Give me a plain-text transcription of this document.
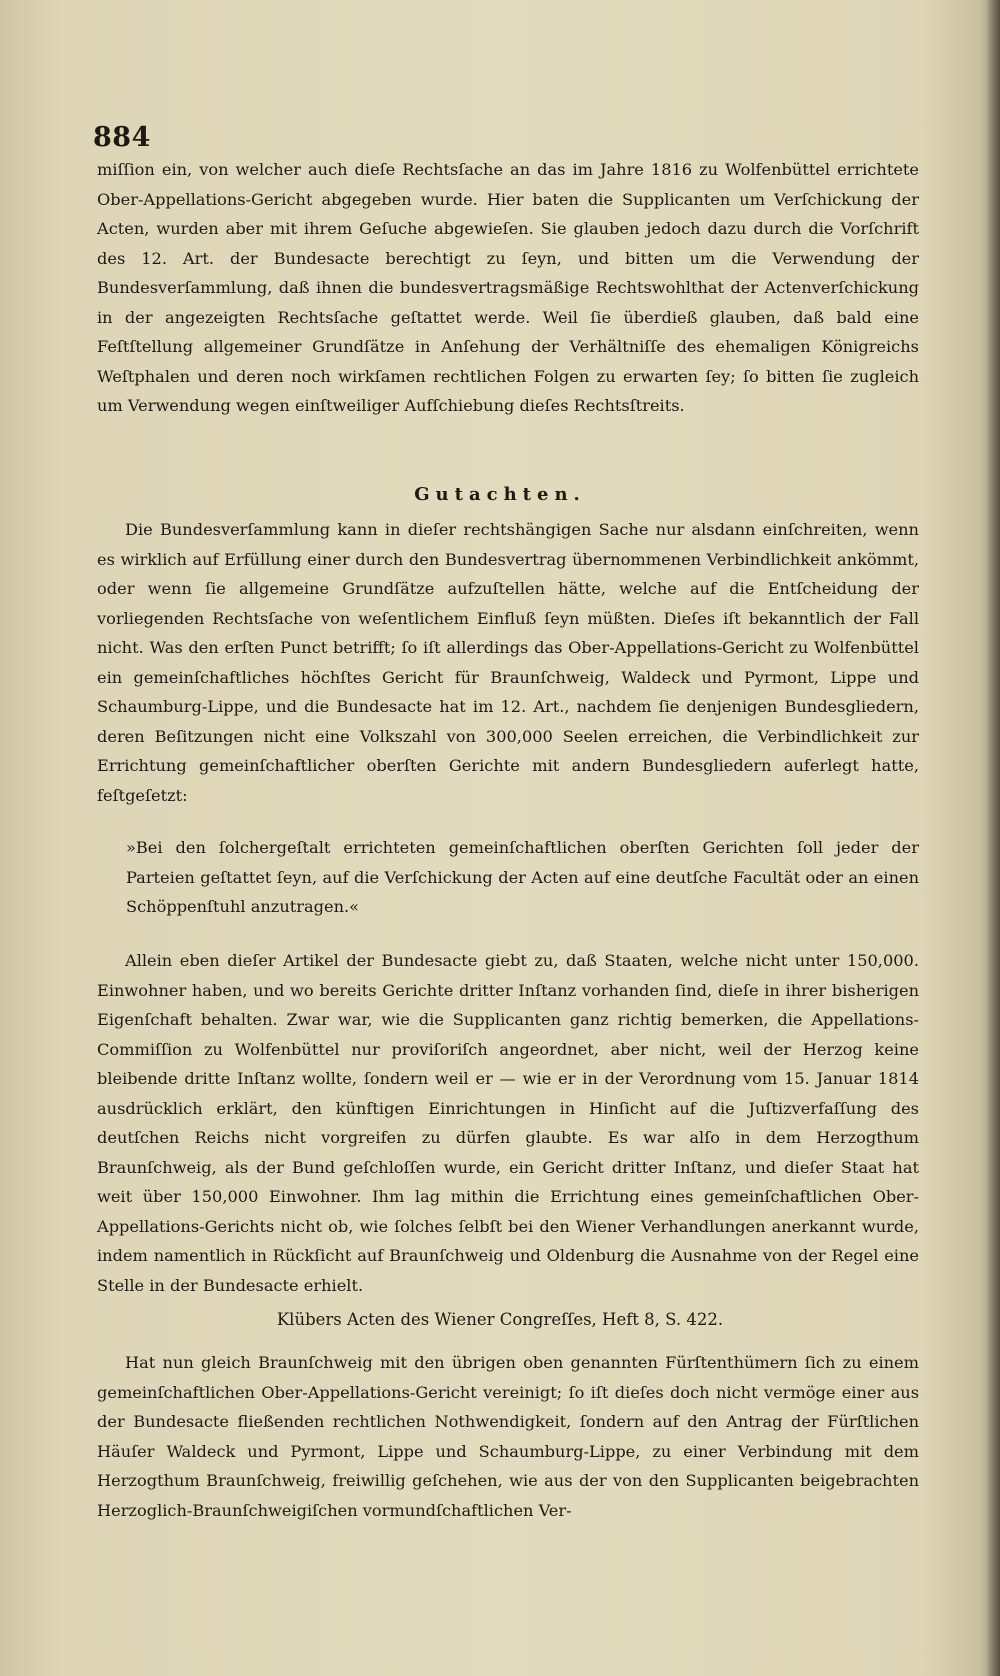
884

miſſion ein, von welcher auch dieſe Rechtsſache an das im Jahre 1816 zu Wolfenbüttel errichtete Ober-Appellations-Gericht abgegeben wurde. Hier baten die Supplicanten um Verſchickung der Acten, wurden aber mit ihrem Geſuche abgewieſen. Sie glauben jedoch dazu durch die Vorſchrift des 12. Art. der Bundesacte berechtigt zu ſeyn, und bitten um die Verwendung der Bundesverſammlung, daß ihnen die bundesvertragsmäßige Rechtswohlthat der Actenverſchickung in der angezeigten Rechtsſache geſtattet werde. Weil ſie überdieß glauben, daß bald eine Feſtſtellung allgemeiner Grundſätze in Anſehung der Verhältniſſe des ehemaligen Königreichs Weſtphalen und deren noch wirkſamen rechtlichen Folgen zu erwarten ſey; ſo bitten ſie zugleich um Verwendung wegen einſtweiliger Aufſchiebung dieſes Rechtsſtreits.

Gutachten.

Die Bundesverſammlung kann in dieſer rechtshängigen Sache nur alsdann einſchreiten, wenn es wirklich auf Erfüllung einer durch den Bundesvertrag übernommenen Verbindlichkeit ankömmt, oder wenn ſie allgemeine Grundſätze aufzuſtellen hätte, welche auf die Entſcheidung der vorliegenden Rechtsſache von weſentlichem Einfluß ſeyn müßten. Dieſes iſt bekanntlich der Fall nicht. Was den erſten Punct betrifft; ſo iſt allerdings das Ober-Appellations-Gericht zu Wolfenbüttel ein gemeinſchaftliches höchſtes Gericht für Braunſchweig, Waldeck und Pyrmont, Lippe und Schaumburg-Lippe, und die Bundesacte hat im 12. Art., nachdem ſie denjenigen Bundesgliedern, deren Beſitzungen nicht eine Volkszahl von 300,000 Seelen erreichen, die Verbindlichkeit zur Errichtung gemeinſchaftlicher oberſten Gerichte mit andern Bundesgliedern auferlegt hatte, feſtgeſetzt:

»Bei den ſolchergeſtalt errichteten gemeinſchaftlichen oberſten Gerichten ſoll jeder der Parteien geſtattet ſeyn, auf die Verſchickung der Acten auf eine deutſche Facultät oder an einen Schöppenſtuhl anzutragen.«

Allein eben dieſer Artikel der Bundesacte giebt zu, daß Staaten, welche nicht unter 150,000. Einwohner haben, und wo bereits Gerichte dritter Inſtanz vorhanden ſind, dieſe in ihrer bisherigen Eigenſchaft behalten. Zwar war, wie die Supplicanten ganz richtig bemerken, die Appellations-Commiſſion zu Wolfenbüttel nur proviſoriſch angeordnet, aber nicht, weil der Herzog keine bleibende dritte Inſtanz wollte, ſondern weil er — wie er in der Verordnung vom 15. Januar 1814 ausdrücklich erklärt, den künftigen Einrichtungen in Hinſicht auf die Juſtizverfaſſung des deutſchen Reichs nicht vorgreifen zu dürfen glaubte. Es war alſo in dem Herzogthum Braunſchweig, als der Bund geſchloſſen wurde, ein Gericht dritter Inſtanz, und dieſer Staat hat weit über 150,000 Einwohner. Ihm lag mithin die Errichtung eines gemeinſchaftlichen Ober-Appellations-Gerichts nicht ob, wie ſolches ſelbſt bei den Wiener Verhandlungen anerkannt wurde, indem namentlich in Rückſicht auf Braunſchweig und Oldenburg die Ausnahme von der Regel eine Stelle in der Bundesacte erhielt.

Klübers Acten des Wiener Congreſſes, Heft 8, S. 422.

Hat nun gleich Braunſchweig mit den übrigen oben genannten Fürſtenthümern ſich zu einem gemeinſchaftlichen Ober-Appellations-Gericht vereinigt; ſo iſt dieſes doch nicht vermöge einer aus der Bundesacte fließenden rechtlichen Nothwendigkeit, ſondern auf den Antrag der Fürſtlichen Häuſer Waldeck und Pyrmont, Lippe und Schaumburg-Lippe, zu einer Verbindung mit dem Herzogthum Braunſchweig, freiwillig geſchehen, wie aus der von den Supplicanten beigebrachten Herzoglich-Braunſchweigiſchen vormundſchaftlichen Ver-
